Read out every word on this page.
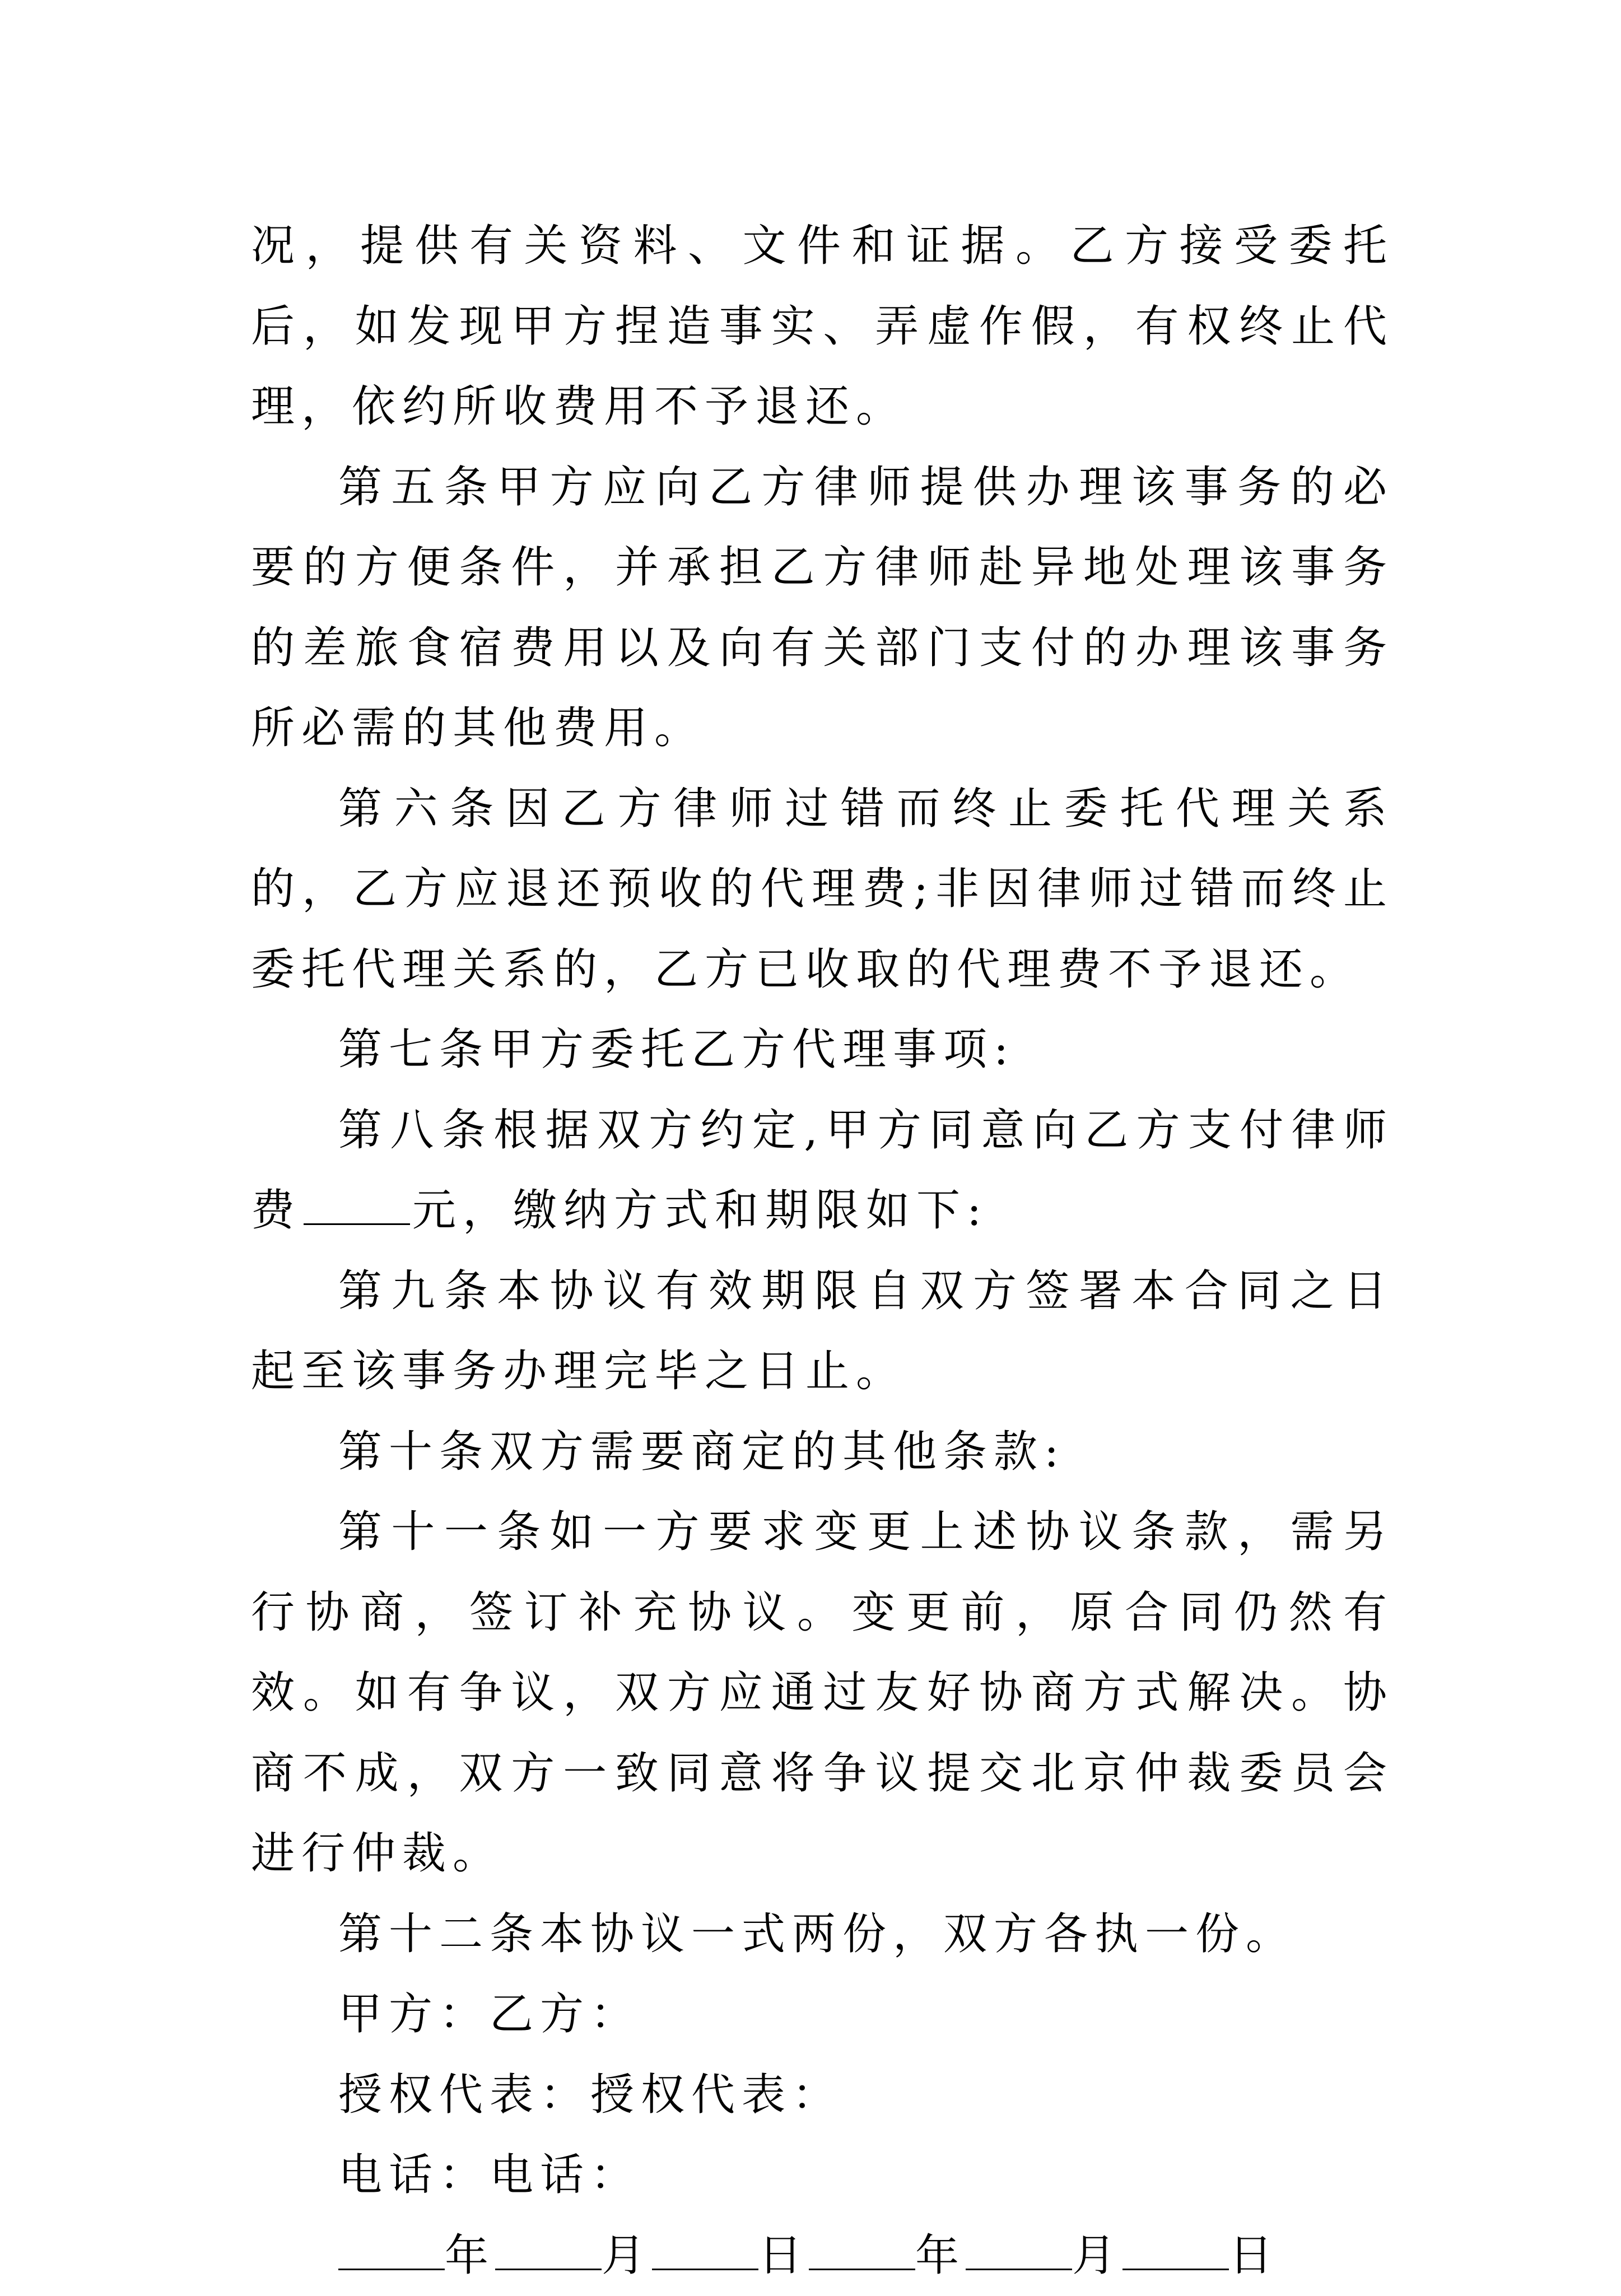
况，提供有关资料、文件和证据。乙方接受委托后，如发现甲方捏造事实、弄虚作假，有权终止代理，依约所收费用不予退还。

第五条甲方应向乙方律师提供办理该事务的必要的方便条件，并承担乙方律师赴异地处理该事务的差旅食宿费用以及向有关部门支付的办理该事务所必需的其他费用。

第六条因乙方律师过错而终止委托代理关系的，乙方应退还预收的代理费;非因律师过错而终止委托代理关系的，乙方已收取的代理费不予退还。

第七条甲方委托乙方代理事项:

第八条根据双方约定,甲方同意向乙方支付律师费	元，缴纳方式和期限如下:

第九条本协议有效期限自双方签署本合同之日起至该事务办理完毕之日止。

第十条双方需要商定的其他条款:

第十一条如一方要求变更上述协议条款，需另行协商，签订补充协议。变更前，原合同仍然有效。如有争议，双方应通过友好协商方式解决。协商不成，双方一致同意将争议提交北京仲裁委员会进行仲裁。

第十二条本协议一式两份，双方各执一份。

甲方：乙方：

授权代表：授权代表：

电话：电话：

年 月 日 年 月 日
